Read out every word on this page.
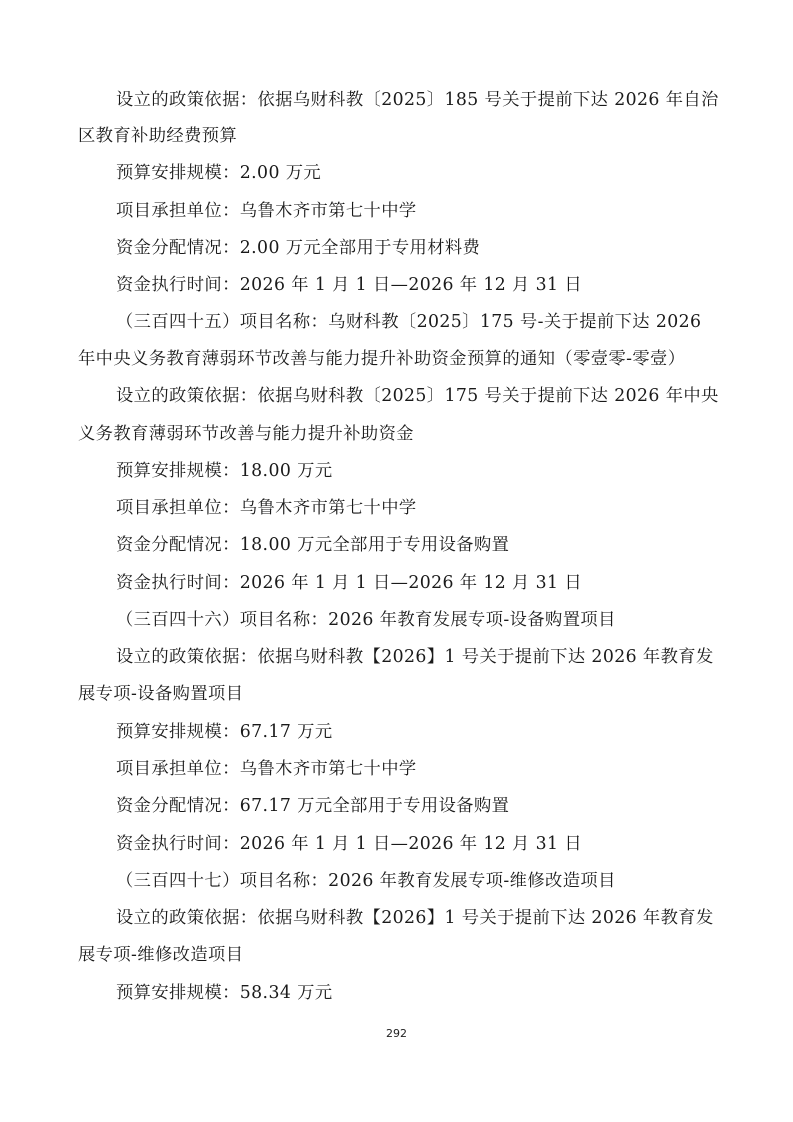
设立的政策依据：依据乌财科教〔2025〕185 号关于提前下达 2026 年自治
区教育补助经费预算
预算安排规模：2.00 万元
项目承担单位：乌鲁木齐市第七十中学
资金分配情况：2.00 万元全部用于专用材料费
资金执行时间：2026 年 1 月 1 日—2026 年 12 月 31 日
（三百四十五）项目名称：乌财科教〔2025〕175 号-关于提前下达 2026
年中央义务教育薄弱环节改善与能力提升补助资金预算的通知（零壹零-零壹）
设立的政策依据：依据乌财科教〔2025〕175 号关于提前下达 2026 年中央
义务教育薄弱环节改善与能力提升补助资金
预算安排规模：18.00 万元
项目承担单位：乌鲁木齐市第七十中学
资金分配情况：18.00 万元全部用于专用设备购置
资金执行时间：2026 年 1 月 1 日—2026 年 12 月 31 日
（三百四十六）项目名称：2026 年教育发展专项-设备购置项目
设立的政策依据：依据乌财科教【2026】1 号关于提前下达 2026 年教育发
展专项-设备购置项目
预算安排规模：67.17 万元
项目承担单位：乌鲁木齐市第七十中学
资金分配情况：67.17 万元全部用于专用设备购置
资金执行时间：2026 年 1 月 1 日—2026 年 12 月 31 日
（三百四十七）项目名称：2026 年教育发展专项-维修改造项目
设立的政策依据：依据乌财科教【2026】1 号关于提前下达 2026 年教育发
展专项-维修改造项目
预算安排规模：58.34 万元
292
